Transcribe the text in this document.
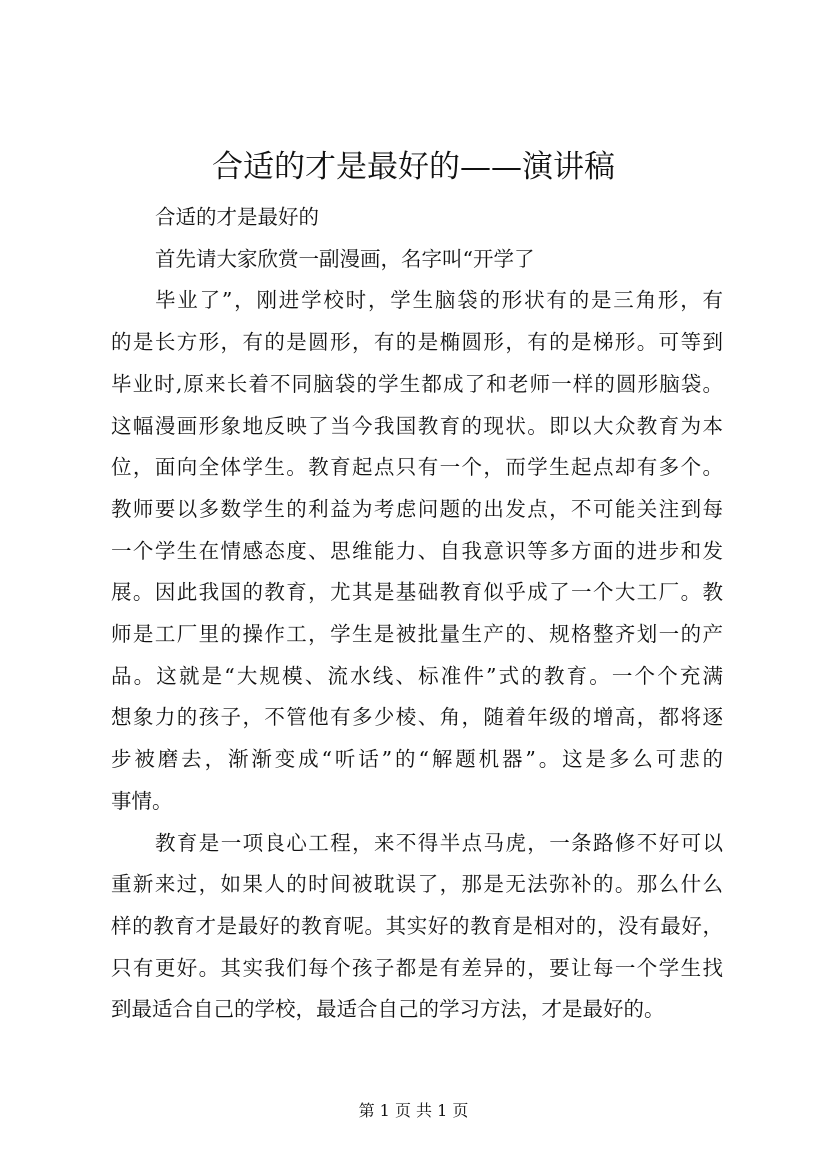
合适的才是最好的——演讲稿
合适的才是最好的
首先请大家欣赏一副漫画，名字叫“开学了
毕业了”，刚进学校时，学生脑袋的形状有的是三角形，有
的是长方形，有的是圆形，有的是椭圆形，有的是梯形。可等到
毕业时,原来长着不同脑袋的学生都成了和老师一样的圆形脑袋。
这幅漫画形象地反映了当今我国教育的现状。即以大众教育为本
位，面向全体学生。教育起点只有一个，而学生起点却有多个。
教师要以多数学生的利益为考虑问题的出发点，不可能关注到每
一个学生在情感态度、思维能力、自我意识等多方面的进步和发
展。因此我国的教育，尤其是基础教育似乎成了一个大工厂。教
师是工厂里的操作工，学生是被批量生产的、规格整齐划一的产
品。这就是“大规模、流水线、标准件”式的教育。一个个充满
想象力的孩子，不管他有多少棱、角，随着年级的增高，都将逐
步被磨去，渐渐变成“听话”的“解题机器”。这是多么可悲的
事情。
教育是一项良心工程，来不得半点马虎，一条路修不好可以
重新来过，如果人的时间被耽误了，那是无法弥补的。那么什么
样的教育才是最好的教育呢。其实好的教育是相对的，没有最好，
只有更好。其实我们每个孩子都是有差异的，要让每一个学生找
到最适合自己的学校，最适合自己的学习方法，才是最好的。
第 1 页 共 1 页
